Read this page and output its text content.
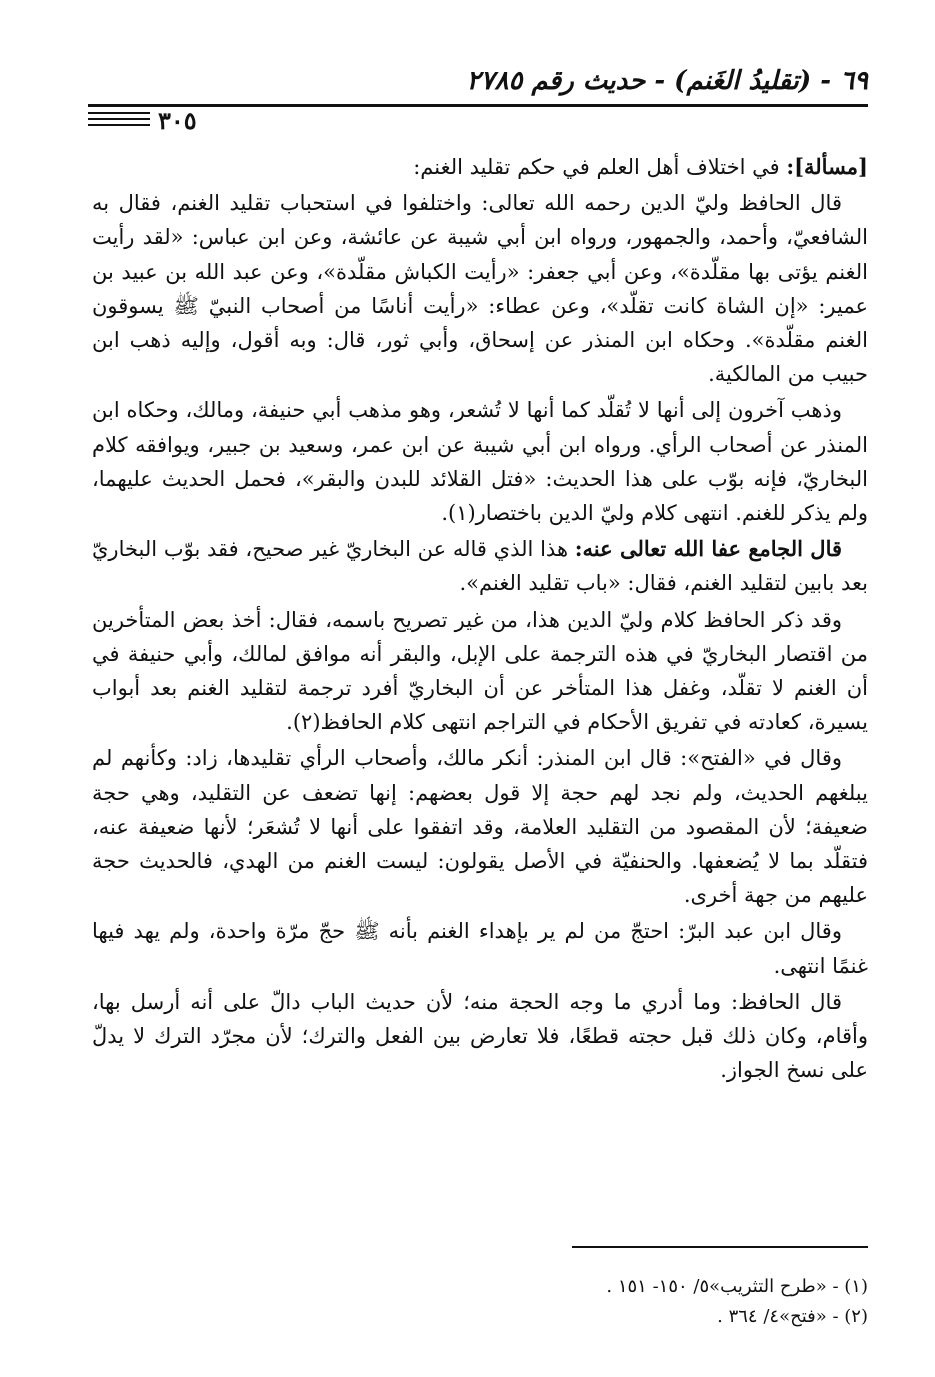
٦٩ - (تقليدُ الغَنم) - حديث رقم ٢٧٨٥
٣٠٥

[مسألة]: في اختلاف أهل العلم في حكم تقليد الغنم:

قال الحافظ وليّ الدين رحمه الله تعالى: واختلفوا في استحباب تقليد الغنم، فقال به الشافعيّ، وأحمد، والجمهور، ورواه ابن أبي شيبة عن عائشة، وعن ابن عباس: «لقد رأيت الغنم يؤتى بها مقلّدة»، وعن أبي جعفر: «رأيت الكباش مقلّدة»، وعن عبد الله بن عبيد بن عمير: «إن الشاة كانت تقلّد»، وعن عطاء: «رأيت أناسًا من أصحاب النبيّ ﷺ يسوقون الغنم مقلّدة». وحكاه ابن المنذر عن إسحاق، وأبي ثور، قال: وبه أقول، وإليه ذهب ابن حبيب من المالكية.

وذهب آخرون إلى أنها لا تُقلّد كما أنها لا تُشعر، وهو مذهب أبي حنيفة، ومالك، وحكاه ابن المنذر عن أصحاب الرأي. ورواه ابن أبي شيبة عن ابن عمر، وسعيد بن جبير، ويوافقه كلام البخاريّ، فإنه بوّب على هذا الحديث: «فتل القلائد للبدن والبقر»، فحمل الحديث عليهما، ولم يذكر للغنم. انتهى كلام وليّ الدين باختصار(١).

قال الجامع عفا الله تعالى عنه: هذا الذي قاله عن البخاريّ غير صحيح، فقد بوّب البخاريّ بعد بابين لتقليد الغنم، فقال: «باب تقليد الغنم».

وقد ذكر الحافظ كلام وليّ الدين هذا، من غير تصريح باسمه، فقال: أخذ بعض المتأخرين من اقتصار البخاريّ في هذه الترجمة على الإبل، والبقر أنه موافق لمالك، وأبي حنيفة في أن الغنم لا تقلّد، وغفل هذا المتأخر عن أن البخاريّ أفرد ترجمة لتقليد الغنم بعد أبواب يسيرة، كعادته في تفريق الأحكام في التراجم انتهى كلام الحافظ(٢).

وقال في «الفتح»: قال ابن المنذر: أنكر مالك، وأصحاب الرأي تقليدها، زاد: وكأنهم لم يبلغهم الحديث، ولم نجد لهم حجة إلا قول بعضهم: إنها تضعف عن التقليد، وهي حجة ضعيفة؛ لأن المقصود من التقليد العلامة، وقد اتفقوا على أنها لا تُشعَر؛ لأنها ضعيفة عنه، فتقلّد بما لا يُضعفها. والحنفيّة في الأصل يقولون: ليست الغنم من الهدي، فالحديث حجة عليهم من جهة أخرى.

وقال ابن عبد البرّ: احتجّ من لم ير بإهداء الغنم بأنه ﷺ حجّ مرّة واحدة، ولم يهد فيها غنمًا انتهى.

قال الحافظ: وما أدري ما وجه الحجة منه؛ لأن حديث الباب دالّ على أنه أرسل بها، وأقام، وكان ذلك قبل حجته قطعًا، فلا تعارض بين الفعل والترك؛ لأن مجرّد الترك لا يدلّ على نسخ الجواز.

(١) - «طرح التثريب»٥/ ١٥٠- ١٥١ .
(٢) - «فتح»٤/ ٣٦٤ .
